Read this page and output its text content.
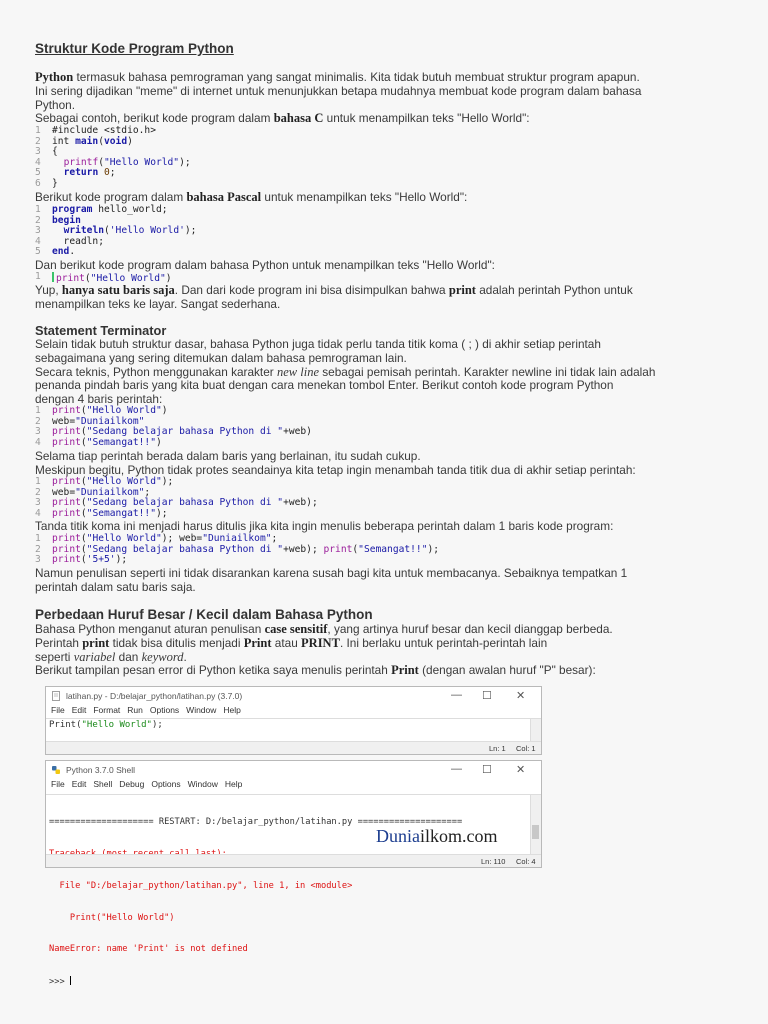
Struktur Kode Program Python
Python termasuk bahasa pemrograman yang sangat minimalis. Kita tidak butuh membuat struktur program apapun.
Ini sering dijadikan "meme" di internet untuk menunjukkan betapa mudahnya membuat kode program dalam bahasa
Python.
Sebagai contoh, berikut kode program dalam bahasa C untuk menampilkan teks "Hello World":
1 #include <stdio.h>
2 int main(void)
3 {
4	printf("Hello World");
5	return 0;
6 }
Berikut kode program dalam bahasa Pascal untuk menampilkan teks "Hello World":
1 program hello_world;
2 begin
3	writeln('Hello World');
4 readln;
5 end.
Dan berikut kode program dalam bahasa Python untuk menampilkan teks "Hello World":
1	print("Hello World")
Yup, hanya satu baris saja. Dan dari kode program ini bisa disimpulkan bahwa print adalah perintah Python untuk
menampilkan teks ke layar. Sangat sederhana.
Statement Terminator
Selain tidak butuh struktur dasar, bahasa Python juga tidak perlu tanda titik koma ( ; ) di akhir setiap perintah
sebagaimana yang sering ditemukan dalam bahasa pemrograman lain.
Secara teknis, Python menggunakan karakter new line sebagai pemisah perintah. Karakter newline ini tidak lain adalah
penanda pindah baris yang kita buat dengan cara menekan tombol Enter. Berikut contoh kode program Python
dengan 4 baris perintah:
1 print("Hello World")
2 web="Duniailkom"
3 print("Sedang belajar bahasa Python di "+web)
4 print("Semangat!!")
Selama tiap perintah berada dalam baris yang berlainan, itu sudah cukup.
Meskipun begitu, Python tidak protes seandainya kita tetap ingin menambah tanda titik dua di akhir setiap perintah:
1 print("Hello World");
2 web="Duniailkom";
3 print("Sedang belajar bahasa Python di "+web);
4 print("Semangat!!");
Tanda titik koma ini menjadi harus ditulis jika kita ingin menulis beberapa perintah dalam 1 baris kode program:
1 print("Hello World"); web="Duniailkom";
2 print("Sedang belajar bahasa Python di "+web); print("Semangat!!");
3 print('5+5');
Namun penulisan seperti ini tidak disarankan karena susah bagi kita untuk membacanya. Sebaiknya tempatkan 1
perintah dalam satu baris saja.
Perbedaan Huruf Besar / Kecil dalam Bahasa Python
Bahasa Python menganut aturan penulisan case sensitif, yang artinya huruf besar dan kecil dianggap berbeda.
Perintah print tidak bisa ditulis menjadi Print atau PRINT. Ini berlaku untuk perintah-perintah lain
seperti variabel dan keyword.
Berikut tampilan pesan error di Python ketika saya menulis perintah Print (dengan awalan huruf "P" besar):
latihan.py - D:/belajar_python/latihan.py (3.7.0)	— ☐ ✕
File Edit Format Run Options Window Help
Print("Hello World");
Ln: 1 Col: 1
Python 3.7.0 Shell	— ☐ ✕
File Edit Shell Debug Options Window Help

==================== RESTART: D:/belajar_python/latihan.py ====================

File "D:/belajar_python/latihan.py", line 1, in <module>

Print("Hello World")

NameError: name 'Print' is not defined

>>>

Duniailkom.com
Ln: 110 Col: 4
